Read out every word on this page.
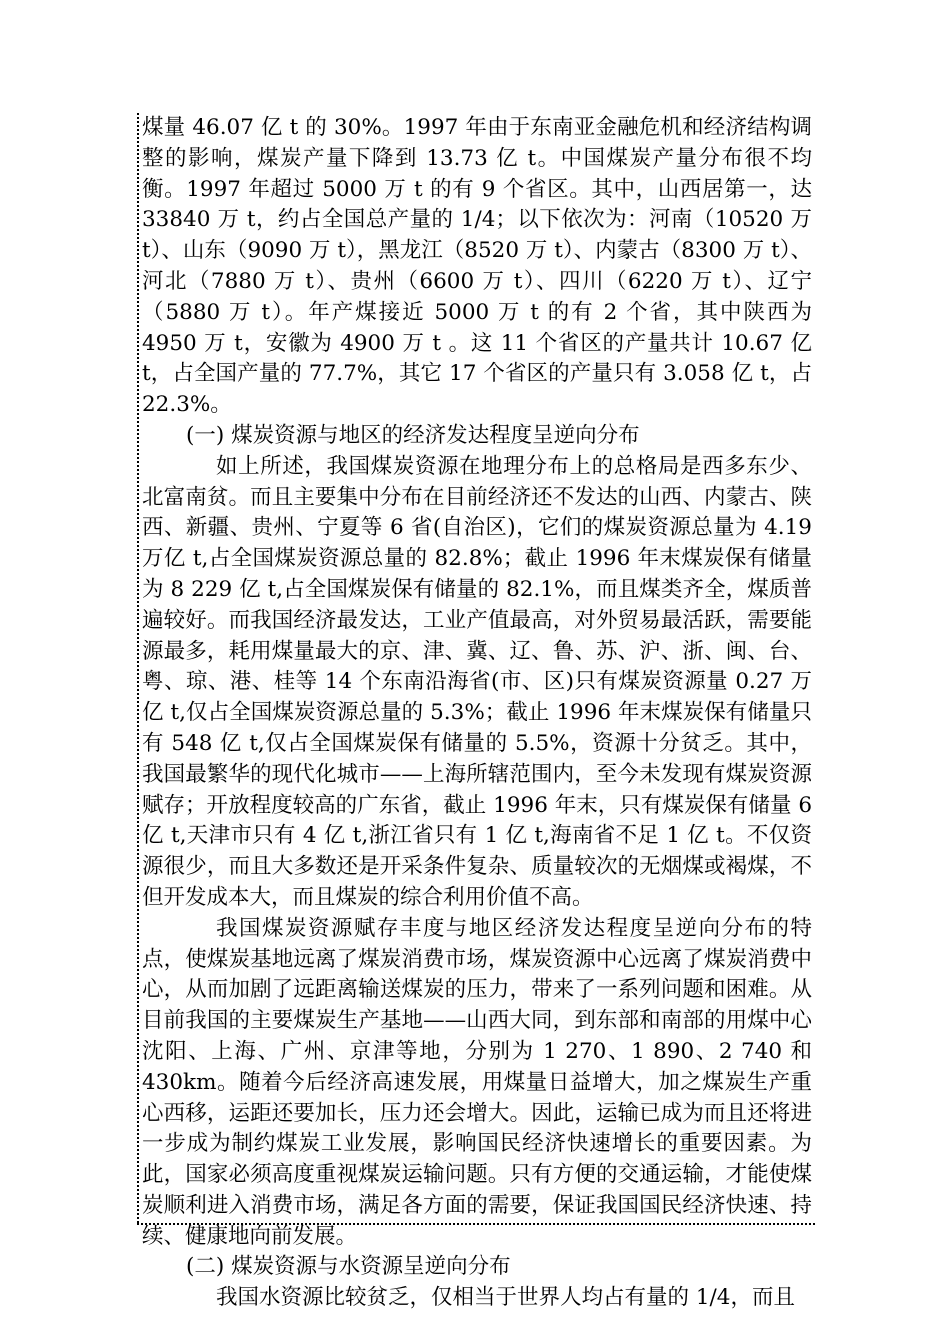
煤量 46.07 亿 t 的 30%。1997 年由于东南亚金融危机和经济结构调整的影响，煤炭产量下降到 13.73 亿 t。中国煤炭产量分布很不均衡。1997 年超过 5000 万 t 的有 9 个省区。其中，山西居第一，达 33840 万 t，约占全国总产量的 1/4；以下依次为：河南（10520 万 t）、山东（9090 万 t），黑龙江（8520 万 t）、内蒙古（8300 万 t）、河北（7880 万 t）、贵州（6600 万 t）、四川（6220 万 t）、辽宁（5880 万 t）。年产煤接近 5000 万 t 的有 2 个省，其中陕西为 4950 万 t，安徽为 4900 万 t 。这 11 个省区的产量共计 10.67 亿 t，占全国产量的 77.7%，其它 17 个省区的产量只有 3.058 亿 t，占 22.3%。

(一) 煤炭资源与地区的经济发达程度呈逆向分布

如上所述，我国煤炭资源在地理分布上的总格局是西多东少、北富南贫。而且主要集中分布在目前经济还不发达的山西、内蒙古、陕西、新疆、贵州、宁夏等 6 省(自治区)，它们的煤炭资源总量为 4.19 万亿 t,占全国煤炭资源总量的 82.8%；截止 1996 年末煤炭保有储量为 8 229 亿 t,占全国煤炭保有储量的 82.1%，而且煤类齐全，煤质普遍较好。而我国经济最发达，工业产值最高，对外贸易最活跃，需要能源最多，耗用煤量最大的京、津、冀、辽、鲁、苏、沪、浙、闽、台、粤、琼、港、桂等 14 个东南沿海省(市、区)只有煤炭资源量 0.27 万亿 t,仅占全国煤炭资源总量的 5.3%；截止 1996 年末煤炭保有储量只有 548 亿 t,仅占全国煤炭保有储量的 5.5%，资源十分贫乏。其中，我国最繁华的现代化城市——上海所辖范围内，至今未发现有煤炭资源赋存；开放程度较高的广东省，截止 1996 年末，只有煤炭保有储量 6 亿 t,天津市只有 4 亿 t,浙江省只有 1 亿 t,海南省不足 1 亿 t。不仅资源很少，而且大多数还是开采条件复杂、质量较次的无烟煤或褐煤，不但开发成本大，而且煤炭的综合利用价值不高。

我国煤炭资源赋存丰度与地区经济发达程度呈逆向分布的特点，使煤炭基地远离了煤炭消费市场，煤炭资源中心远离了煤炭消费中心，从而加剧了远距离输送煤炭的压力，带来了一系列问题和困难。从目前我国的主要煤炭生产基地——山西大同，到东部和南部的用煤中心沈阳、上海、广州、京津等地，分别为 1 270、1 890、2 740 和 430km。随着今后经济高速发展，用煤量日益增大，加之煤炭生产重心西移，运距还要加长，压力还会增大。因此，运输已成为而且还将进一步成为制约煤炭工业发展，影响国民经济快速增长的重要因素。为此，国家必须高度重视煤炭运输问题。只有方便的交通运输，才能使煤炭顺利进入消费市场，满足各方面的需要，保证我国国民经济快速、持续、健康地向前发展。

(二) 煤炭资源与水资源呈逆向分布

我国水资源比较贫乏，仅相当于世界人均占有量的 1/4，而且
